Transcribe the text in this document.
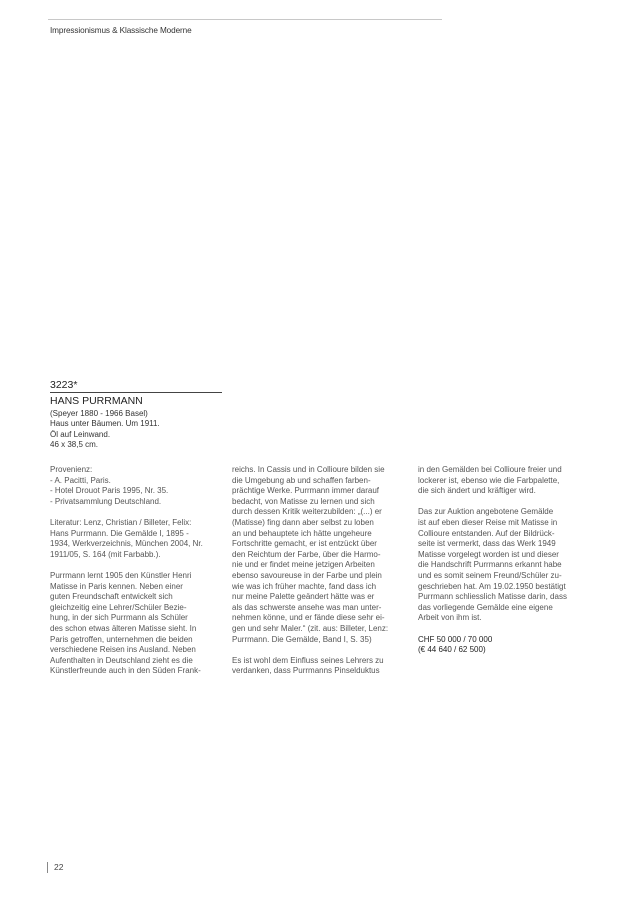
Impressionismus & Klassische Moderne
3223*
HANS PURRMANN
(Speyer 1880 - 1966 Basel)
Haus unter Bäumen. Um 1911.
Öl auf Leinwand.
46 x 38,5 cm.

Provenienz:
- A. Pacitti, Paris.
- Hotel Drouot Paris 1995, Nr. 35.
- Privatsammlung Deutschland.

Literatur: Lenz, Christian / Billeter, Felix:
Hans Purrmann. Die Gemälde I, 1895 -
1934, Werkverzeichnis, München 2004, Nr.
1911/05, S. 164 (mit Farbabb.).

Purrmann lernt 1905 den Künstler Henri
Matisse in Paris kennen. Neben einer
guten Freundschaft entwickelt sich
gleichzeitig eine Lehrer/Schüler Bezie-
hung, in der sich Purrmann als Schüler
des schon etwas älteren Matisse sieht. In
Paris getroffen, unternehmen die beiden
verschiedene Reisen ins Ausland. Neben
Aufenthalten in Deutschland zieht es die
Künstlerfreunde auch in den Süden Frank-

reichs. In Cassis und in Collioure bilden sie
die Umgebung ab und schaffen farben-
prächtige Werke. Purrmann immer darauf
bedacht, von Matisse zu lernen und sich
durch dessen Kritik weiterzubilden: „(...) er
(Matisse) fing dann aber selbst zu loben
an und behauptete ich hätte ungeheure
Fortschritte gemacht, er ist entzückt über
den Reichtum der Farbe, über die Harmo-
nie und er findet meine jetzigen Arbeiten
ebenso savoureuse in der Farbe und plein
wie was ich früher machte, fand dass ich
nur meine Palette geändert hätte was er
als das schwerste ansehe was man unter-
nehmen könne, und er fände diese sehr ei-
gen und sehr Maler.“ (zit. aus: Billeter, Lenz:
Purrmann. Die Gemälde, Band I, S. 35)

Es ist wohl dem Einfluss seines Lehrers zu
verdanken, dass Purrmanns Pinselduktus

in den Gemälden bei Collioure freier und
lockerer ist, ebenso wie die Farbpalette,
die sich ändert und kräftiger wird.

Das zur Auktion angebotene Gemälde
ist auf eben dieser Reise mit Matisse in
Collioure entstanden. Auf der Bildrück-
seite ist vermerkt, dass das Werk 1949
Matisse vorgelegt worden ist und dieser
die Handschrift Purrmanns erkannt habe
und es somit seinem Freund/Schüler zu-
geschrieben hat. Am 19.02.1950 bestätigt
Purrmann schliesslich Matisse darin, dass
das vorliegende Gemälde eine eigene
Arbeit von ihm ist.

CHF 50 000 / 70 000
(€ 44 640 / 62 500)

22
